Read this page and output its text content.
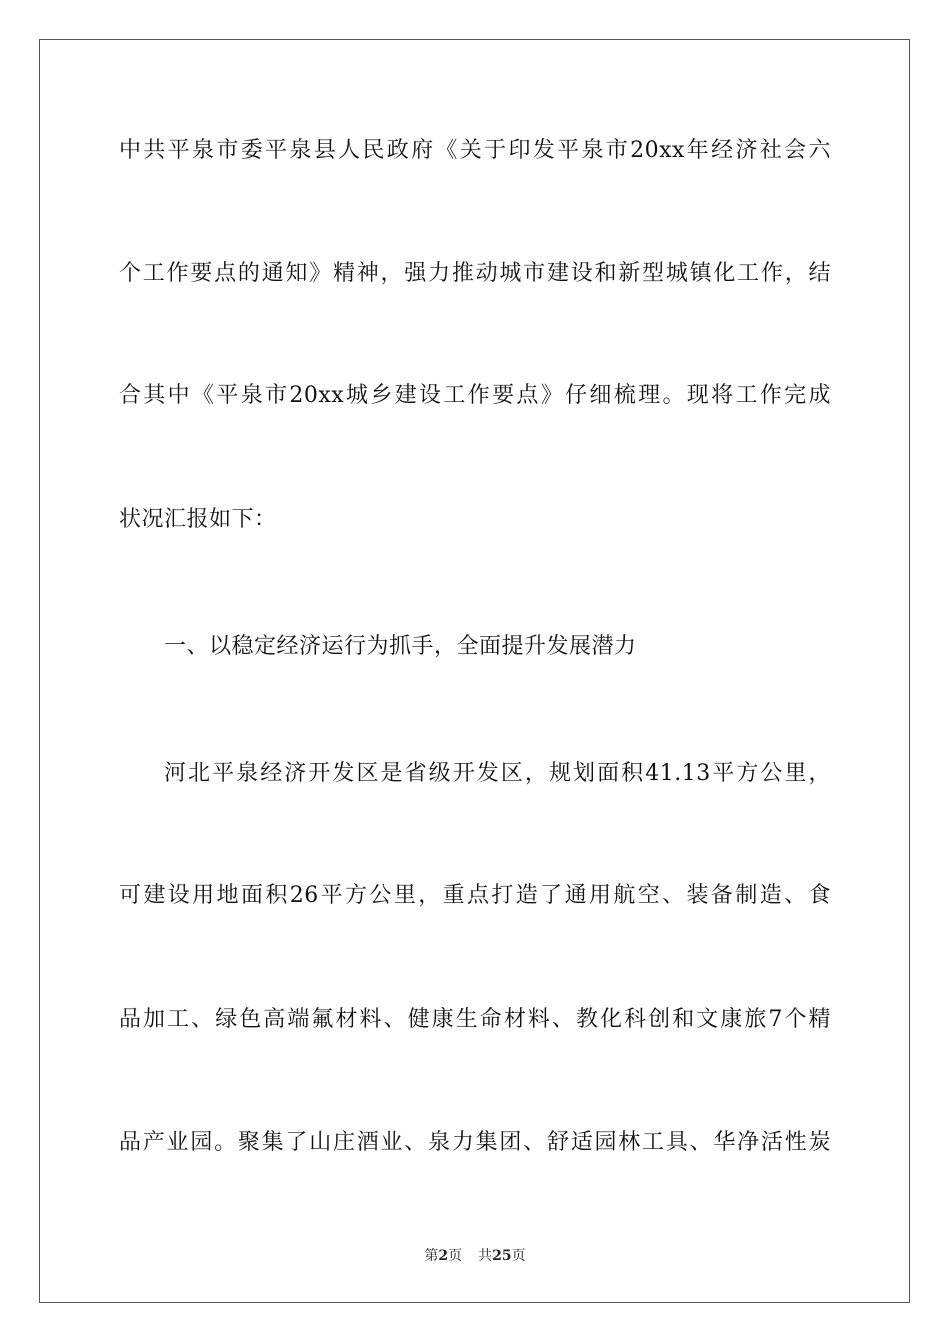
中共平泉市委平泉县人民政府《关于印发平泉市20xx年经济社会六
个工作要点的通知》精神，强力推动城市建设和新型城镇化工作，结
合其中《平泉市20xx城乡建设工作要点》仔细梳理。现将工作完成
状况汇报如下：
一、以稳定经济运行为抓手，全面提升发展潜力
河北平泉经济开发区是省级开发区，规划面积41.13平方公里，
可建设用地面积26平方公里，重点打造了通用航空、装备制造、食
品加工、绿色高端氟材料、健康生命材料、教化科创和文康旅7个精
品产业园。聚集了山庄酒业、泉力集团、舒适园林工具、华净活性炭
第2页 共25页
